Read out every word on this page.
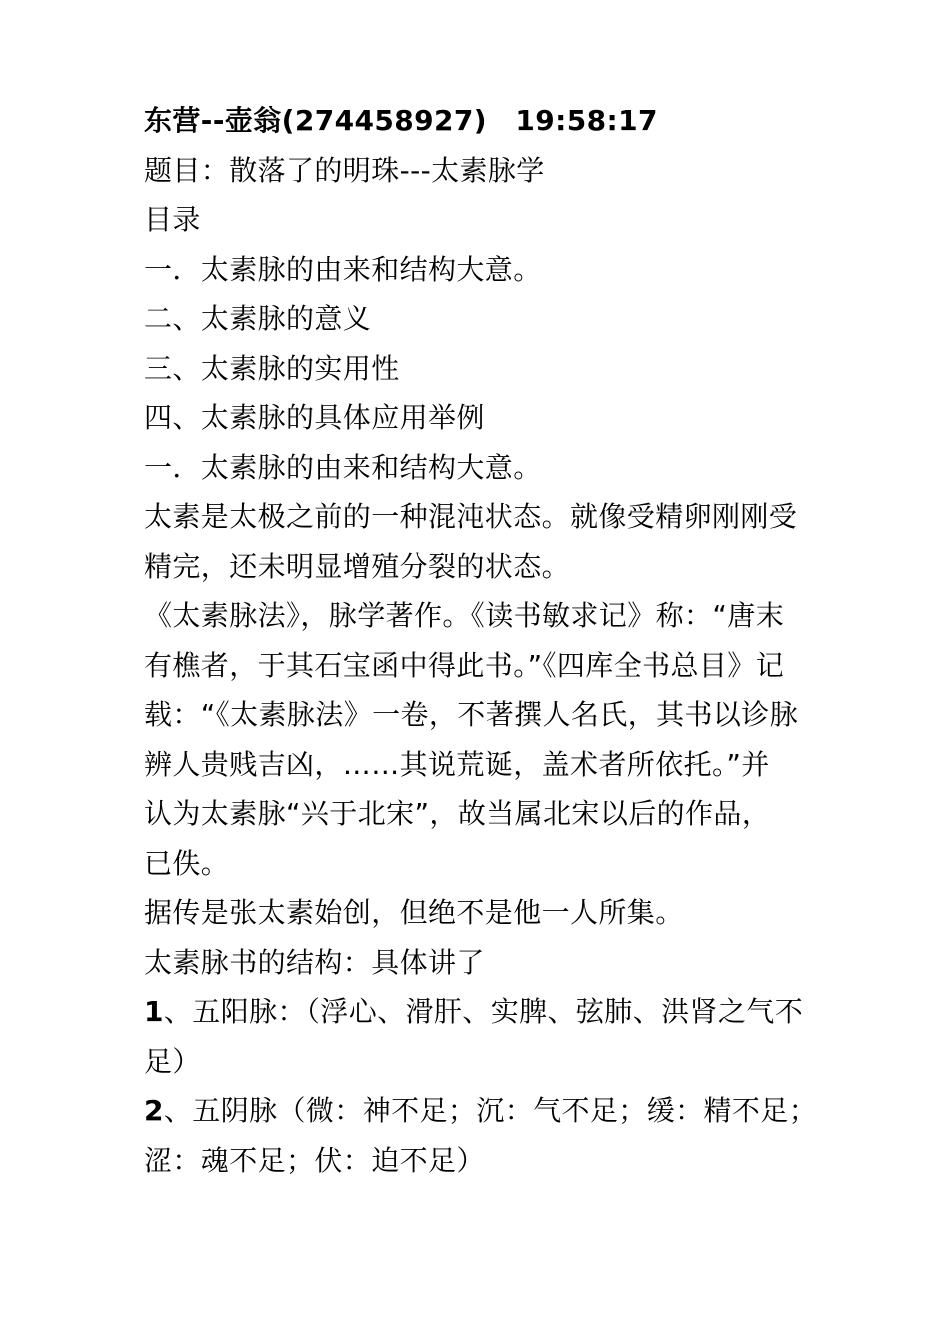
东营--壶翁(274458927)　19:58:17
题目：散落了的明珠---太素脉学
目录
一．太素脉的由来和结构大意。
二、太素脉的意义
三、太素脉的实用性
四、太素脉的具体应用举例
一．太素脉的由来和结构大意。
太素是太极之前的一种混沌状态。就像受精卵刚刚受
精完，还未明显增殖分裂的状态。
《太素脉法》，脉学著作。《读书敏求记》称：“唐末
有樵者，于其石宝函中得此书。”《四库全书总目》记
载：“《太素脉法》一卷，不著撰人名氏，其书以诊脉
辨人贵贱吉凶，……其说荒诞，盖术者所依托。”并
认为太素脉“兴于北宋”，故当属北宋以后的作品，
已佚。
据传是张太素始创，但绝不是他一人所集。
太素脉书的结构：具体讲了
1、五阳脉：（浮心、滑肝、实脾、弦肺、洪肾之气不
足）
2、五阴脉（微：神不足；沉：气不足；缓：精不足；
涩：魂不足；伏：迫不足）
